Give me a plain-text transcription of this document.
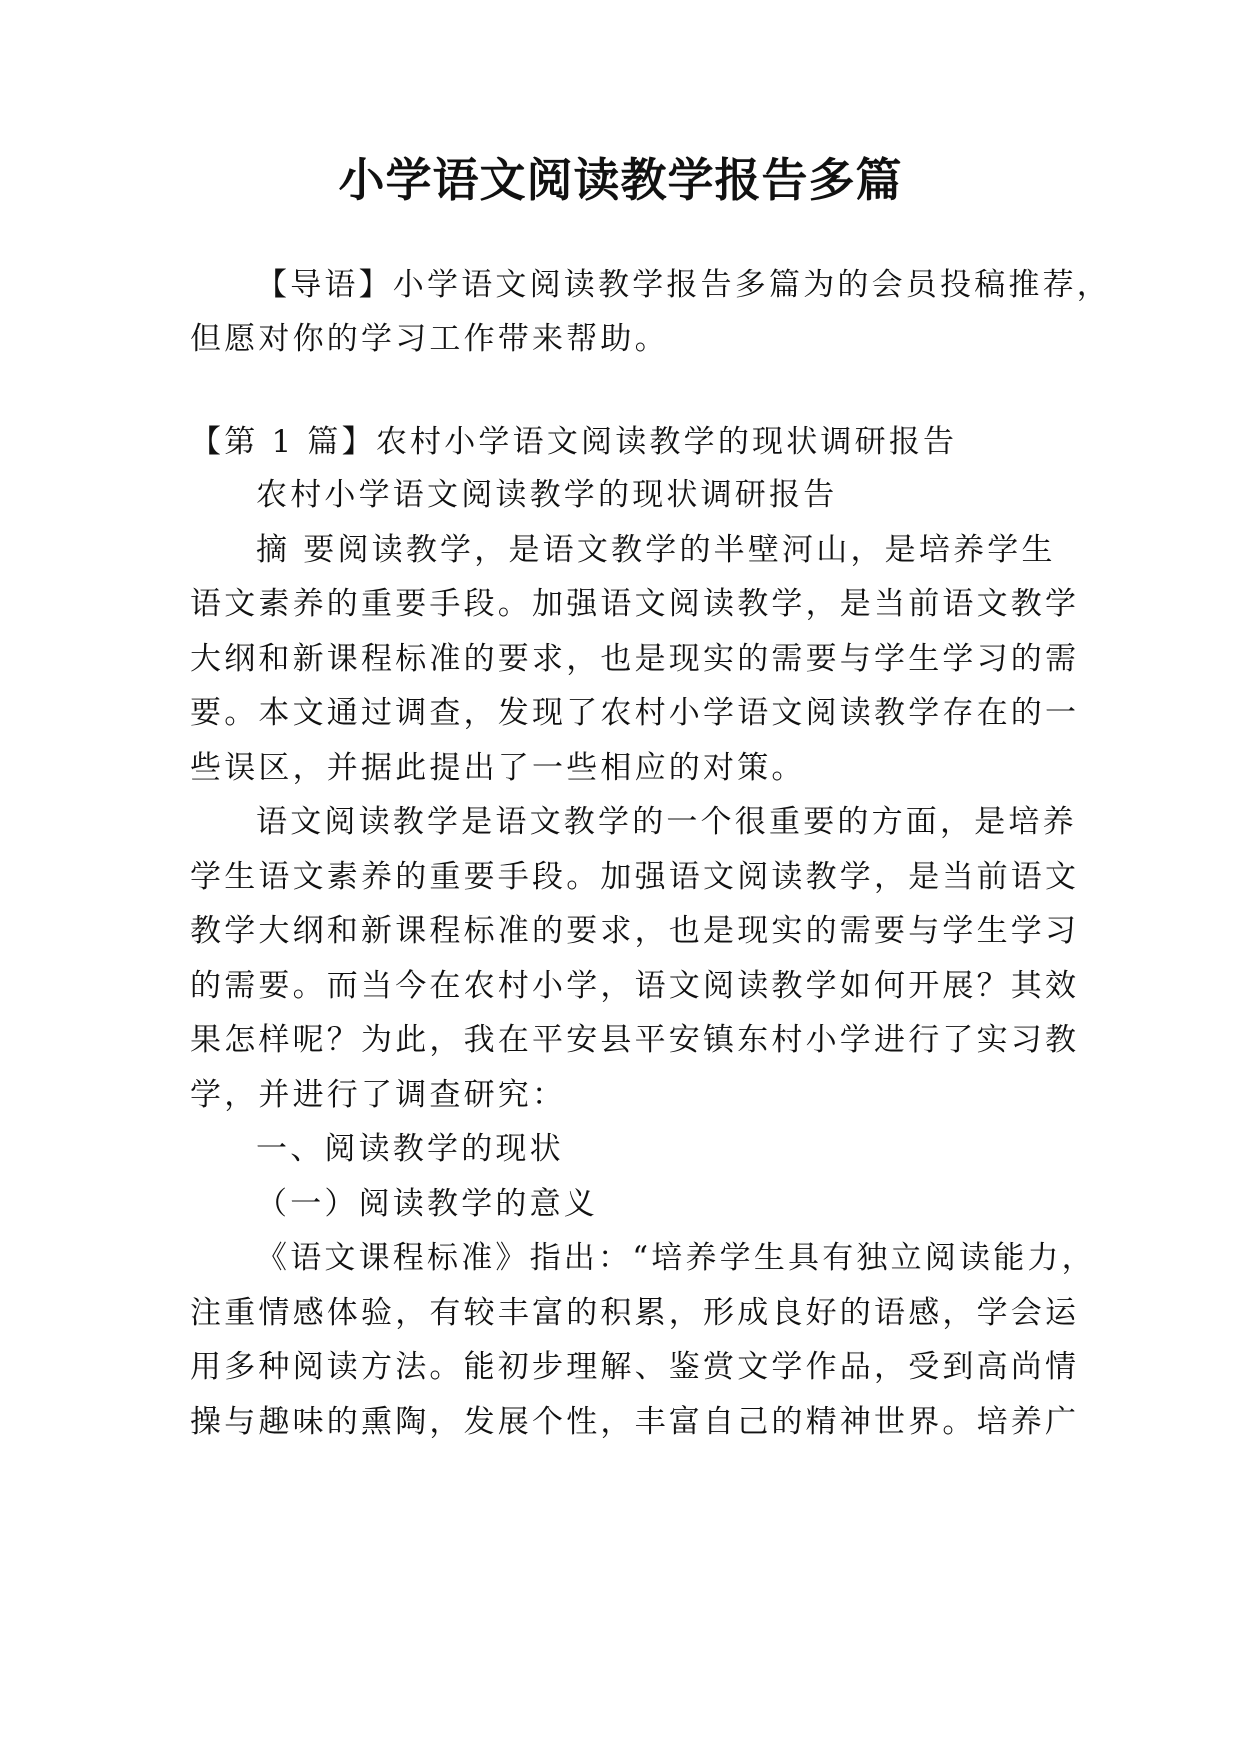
小学语文阅读教学报告多篇
【导语】小学语文阅读教学报告多篇为的会员投稿推荐，
但愿对你的学习工作带来帮助。
【第 1 篇】农村小学语文阅读教学的现状调研报告
农村小学语文阅读教学的现状调研报告
摘 要阅读教学，是语文教学的半壁河山，是培养学生
语文素养的重要手段。加强语文阅读教学，是当前语文教学
大纲和新课程标准的要求，也是现实的需要与学生学习的需
要。本文通过调查，发现了农村小学语文阅读教学存在的一
些误区，并据此提出了一些相应的对策。
语文阅读教学是语文教学的一个很重要的方面，是培养
学生语文素养的重要手段。加强语文阅读教学，是当前语文
教学大纲和新课程标准的要求，也是现实的需要与学生学习
的需要。而当今在农村小学，语文阅读教学如何开展？其效
果怎样呢？为此，我在平安县平安镇东村小学进行了实习教
学，并进行了调查研究：
一、阅读教学的现状
（一）阅读教学的意义
《语文课程标准》指出：“培养学生具有独立阅读能力，
注重情感体验，有较丰富的积累，形成良好的语感，学会运
用多种阅读方法。能初步理解、鉴赏文学作品，受到高尚情
操与趣味的熏陶，发展个性，丰富自己的精神世界。培养广
